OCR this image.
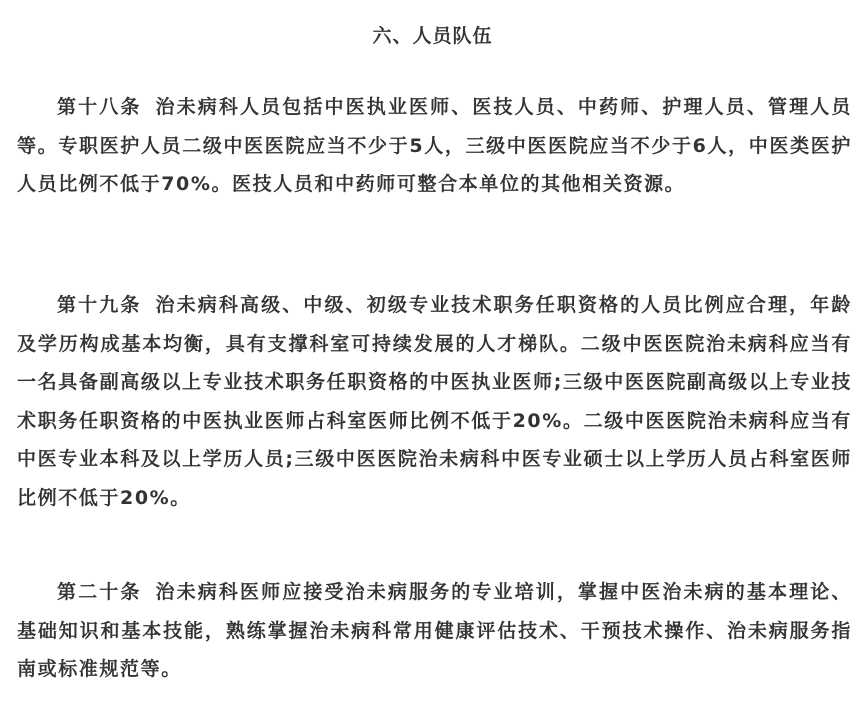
六、人员队伍

第十八条 治未病科人员包括中医执业医师、医技人员、中药师、护理人员、管理人员等。专职医护人员二级中医医院应当不少于5人，三级中医医院应当不少于6人，中医类医护人员比例不低于70%。医技人员和中药师可整合本单位的其他相关资源。

第十九条 治未病科高级、中级、初级专业技术职务任职资格的人员比例应合理，年龄及学历构成基本均衡，具有支撑科室可持续发展的人才梯队。二级中医医院治未病科应当有一名具备副高级以上专业技术职务任职资格的中医执业医师;三级中医医院副高级以上专业技术职务任职资格的中医执业医师占科室医师比例不低于20%。二级中医医院治未病科应当有中医专业本科及以上学历人员;三级中医医院治未病科中医专业硕士以上学历人员占科室医师比例不低于20%。

第二十条 治未病科医师应接受治未病服务的专业培训，掌握中医治未病的基本理论、基础知识和基本技能，熟练掌握治未病科常用健康评估技术、干预技术操作、治未病服务指南或标准规范等。
